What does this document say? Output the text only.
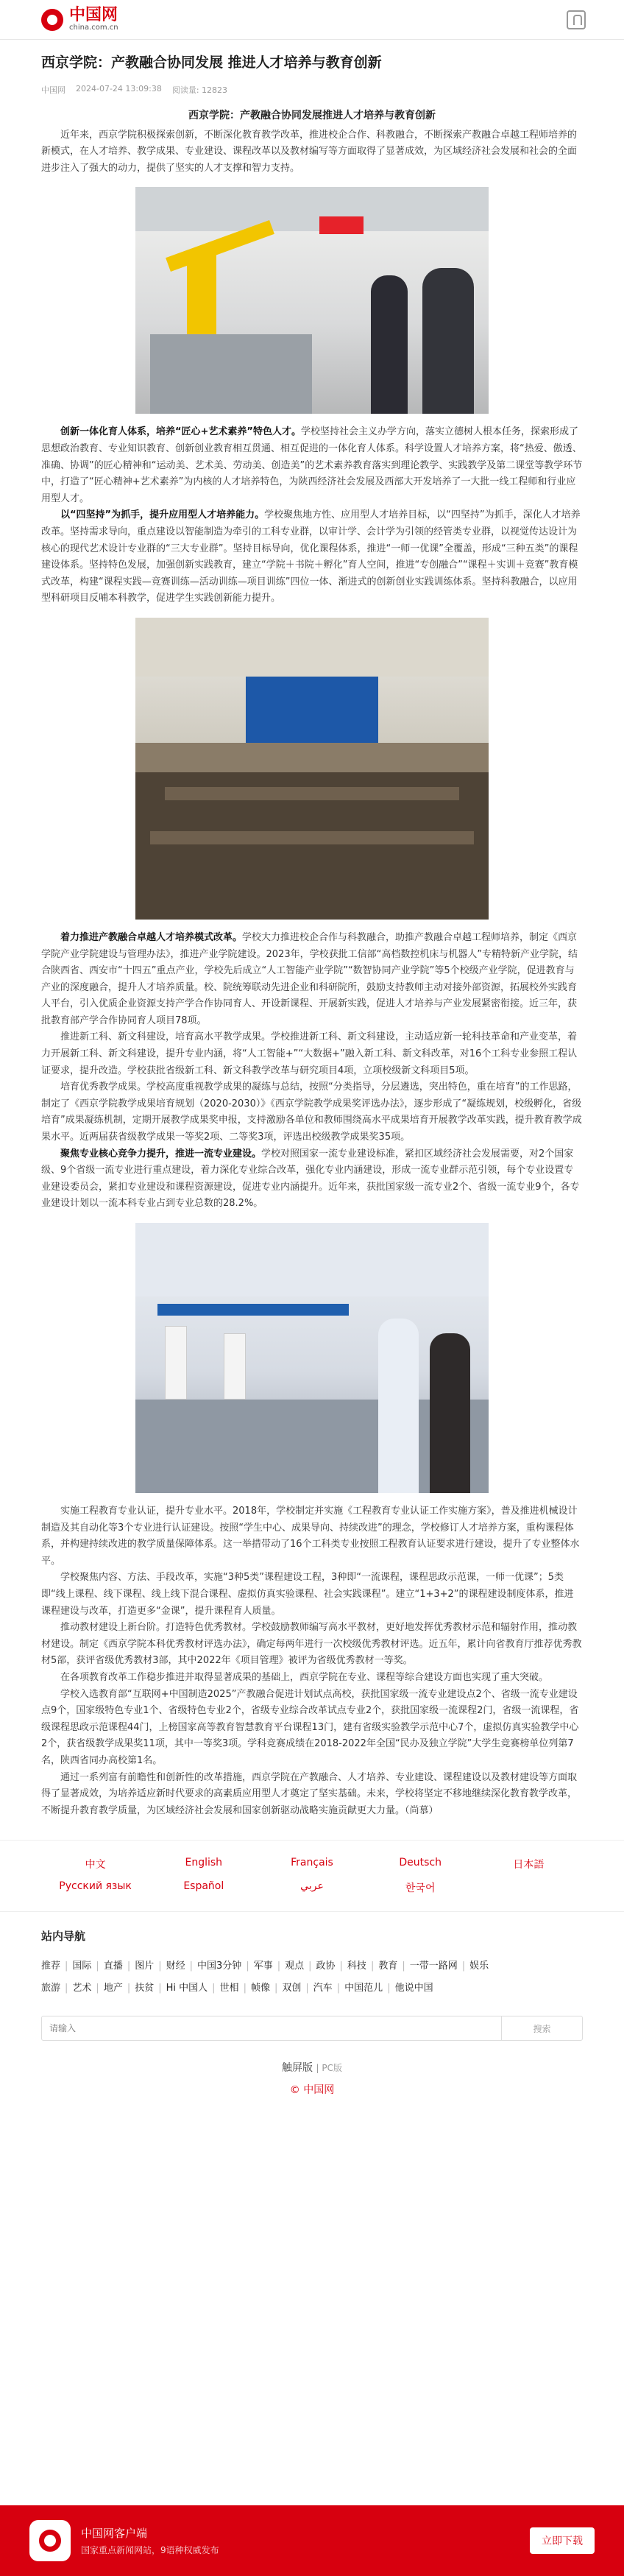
中国网
china.com.cn
西京学院：产教融合协同发展 推进人才培养与教育创新
中国网 2024-07-24 13:09:38 阅读量: 12823
西京学院：产教融合协同发展推进人才培养与教育创新

近年来，西京学院积极探索创新，不断深化教育教学改革，推进校企合作、科教融合，不断探索产教融合卓越工程师培养的新模式，在人才培养、教学成果、专业建设、课程改革以及教材编写等方面取得了显著成效，为区域经济社会发展和社会的全面进步注入了强大的动力，提供了坚实的人才支撑和智力支持。

创新一体化育人体系，培养“匠心+艺术素养”特色人才。学校坚持社会主义办学方向，落实立德树人根本任务，探索形成了思想政治教育、专业知识教育、创新创业教育相互贯通、相互促进的一体化育人体系。科学设置人才培养方案，将“热爱、傲透、准确、协调”的匠心精神和“运动美、艺术美、劳动美、创造美”的艺术素养教育落实到理论教学、实践教学及第二课堂等教学环节中，打造了“匠心精神+艺术素养”为内核的人才培养特色，为陕西经济社会发展及西部大开发培养了一大批一线工程师和行业应用型人才。

以“四坚持”为抓手，提升应用型人才培养能力。学校聚焦地方性、应用型人才培养目标，以“四坚持”为抓手，深化人才培养改革。坚持需求导向，重点建设以智能制造为牵引的工科专业群，以审计学、会计学为引领的经管类专业群，以视觉传达设计为核心的现代艺术设计专业群的“三大专业群”。坚持目标导向，优化课程体系，推进“一师一优课”全覆盖，形成“三种五类”的课程建设体系。坚持特色发展，加强创新实践教育，建立“学院＋书院＋孵化”育人空间，推进“专创融合”“课程＋实训＋竞赛”教育模式改革，构建“课程实践—竞赛训练—活动训练—项目训练”四位一体、渐进式的创新创业实践训练体系。坚持科教融合，以应用型科研项目反哺本科教学，促进学生实践创新能力提升。

着力推进产教融合卓越人才培养模式改革。学校大力推进校企合作与科教融合，助推产教融合卓越工程师培养，制定《西京学院产业学院建设与管理办法》，推进产业学院建设。2023年，学校获批工信部“高档数控机床与机器人”专精特新产业学院，结合陕西省、西安市“十四五”重点产业，学校先后成立“人工智能产业学院”“数智协同产业学院”等5个校级产业学院，促进教育与产业的深度融合，提升人才培养质量。校、院统筹联动先进企业和科研院所，鼓励支持教师主动对接外部资源，拓展校外实践育人平台，引入优质企业资源支持产学合作协同育人、开设新课程、开展新实践，促进人才培养与产业发展紧密衔接。近三年，获批教育部产学合作协同育人项目78项。

推进新工科、新文科建设，培育高水平教学成果。学校推进新工科、新文科建设，主动适应新一轮科技革命和产业变革，着力开展新工科、新文科建设，提升专业内涵，将“人工智能+”“大数据+”融入新工科、新文科改革，对16个工科专业参照工程认证要求，提升改造。学校获批省级新工科、新文科教学改革与研究项目4项，立项校级新文科项目5项。

培育优秀教学成果。学校高度重视教学成果的凝练与总结，按照“分类指导，分层遴选，突出特色，重在培育”的工作思路，制定了《西京学院教学成果培育规划（2020-2030）》《西京学院教学成果奖评选办法》，逐步形成了“凝练规划，校级孵化，省级培育”成果凝练机制，定期开展教学成果奖申报，支持激励各单位和教师围绕高水平成果培育开展教学改革实践，提升教育教学成果水平。近两届获省级教学成果一等奖2项、二等奖3项，评选出校级教学成果奖35项。

聚焦专业核心竞争力提升，推进一流专业建设。学校对照国家一流专业建设标准，紧扣区域经济社会发展需要，对2个国家级、9个省级一流专业进行重点建设，着力深化专业综合改革，强化专业内涵建设，形成一流专业群示范引领，每个专业设置专业建设委员会，紧扣专业建设和课程资源建设，促进专业内涵提升。近年来，获批国家级一流专业2个、省级一流专业9个，各专业建设计划以一流本科专业占到专业总数的28.2%。

实施工程教育专业认证，提升专业水平。2018年，学校制定并实施《工程教育专业认证工作实施方案》，普及推进机械设计制造及其自动化等3个专业进行认证建设。按照“学生中心、成果导向、持续改进”的理念，学校修订人才培养方案，重构课程体系，并构建持续改进的教学质量保障体系。这一举措带动了16个工科类专业按照工程教育认证要求进行建设，提升了专业整体水平。

学校聚焦内容、方法、手段改革，实施“3种5类”课程建设工程，3种即“一流课程，课程思政示范课，一师一优课”；5类即“线上课程、线下课程、线上线下混合课程、虚拟仿真实验课程、社会实践课程”。建立“1+3+2”的课程建设制度体系，推进课程建设与改革，打造更多“金课”，提升课程育人质量。

推动教材建设上新台阶。打造特色优秀教材。学校鼓励教师编写高水平教材，更好地发挥优秀教材示范和辐射作用，推动教材建设。制定《西京学院本科优秀教材评选办法》，确定每两年进行一次校级优秀教材评选。近五年，累计向省教育厅推荐优秀教材5部，获评省级优秀教材3部，其中2022年《项目管理》被评为省级优秀教材一等奖。

在各项教育改革工作稳步推进并取得显著成果的基础上，西京学院在专业、课程等综合建设方面也实现了重大突破。

学校入选教育部“互联网+中国制造2025”产教融合促进计划试点高校，获批国家级一流专业建设点2个、省级一流专业建设点9个，国家级特色专业1个、省级特色专业2个，省级专业综合改革试点专业2个，获批国家级一流课程2门，省级一流课程，省级课程思政示范课程44门，上榜国家高等教育智慧教育平台课程13门，建有省级实验教学示范中心7个，虚拟仿真实验教学中心2个，获省级教学成果奖11项，其中一等奖3项。学科竞赛成绩在2018-2022年全国“民办及独立学院”大学生竞赛榜单位列第7名，陕西省同办高校第1名。

通过一系列富有前瞻性和创新性的改革措施，西京学院在产教融合、人才培养、专业建设、课程建设以及教材建设等方面取得了显著成效，为培养适应新时代要求的高素质应用型人才奠定了坚实基础。未来，学校将坚定不移地继续深化教育教学改革，不断提升教育教学质量，为区域经济社会发展和国家创新驱动战略实施贡献更大力量。（尚慕）

中文	English	Français	Deutsch	日本語
Русский язык	Español	عربي	한국어
站内导航
推荐 | 国际 | 直播 | 图片 | 财经 | 中国3分钟 | 军事 | 观点 | 政协 | 科技 | 教育 | 一带一路网 | 娱乐
旅游 | 艺术 | 地产 | 扶贫 | Hi 中国人 | 世相 | 帧像 | 双创 | 汽车 | 中国范儿 | 他说中国
请输入
搜索
触屏版 | PC版
© 中国网
中国网客户端
国家重点新闻网站，9语种权威发布
立即下载
